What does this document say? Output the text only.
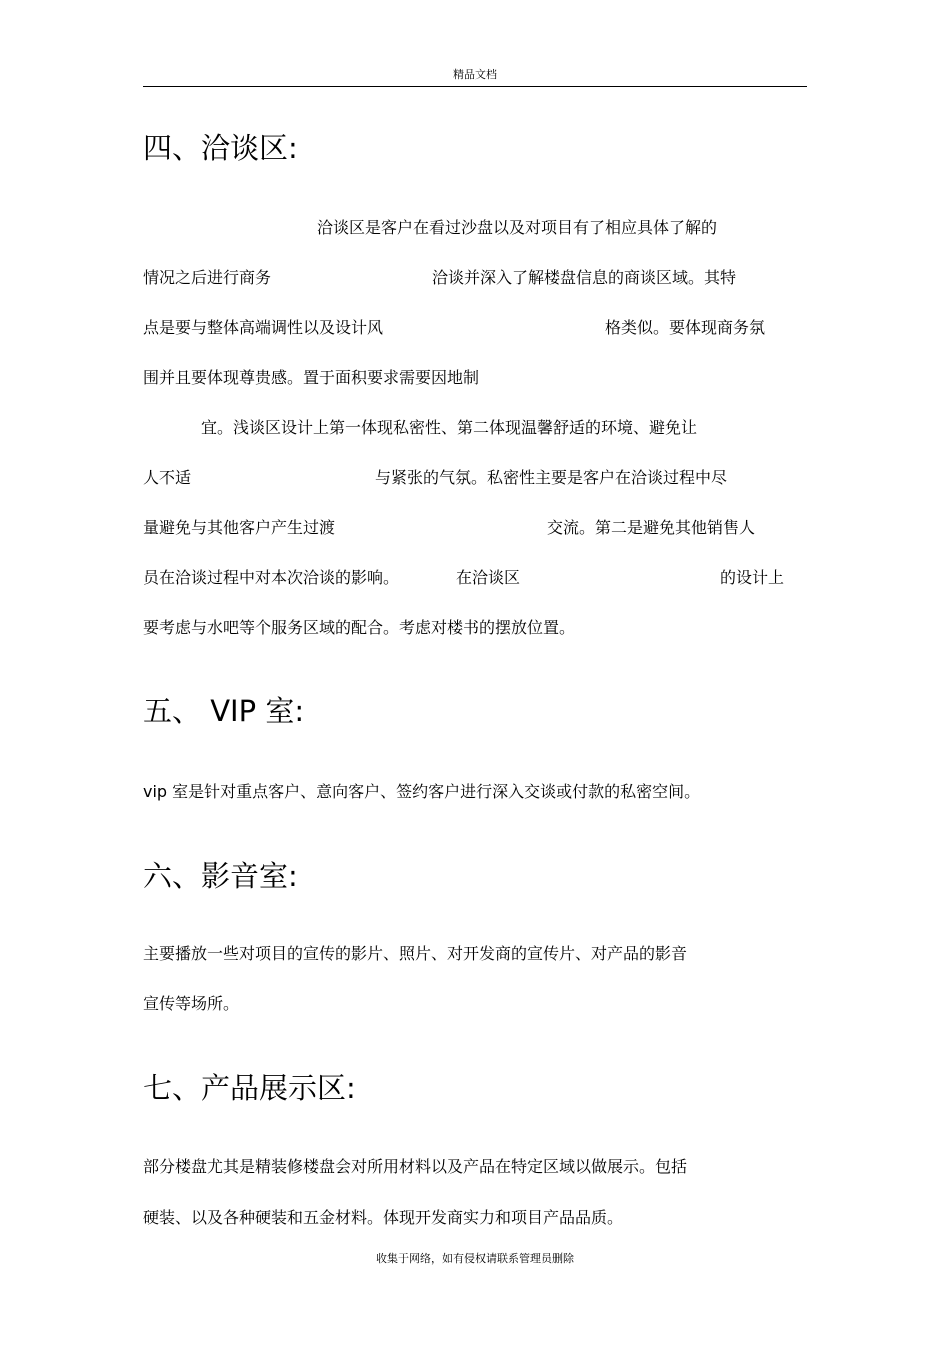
精品文档
四、洽谈区:
洽谈区是客户在看过沙盘以及对项目有了相应具体了解的
情况之后进行商务	洽谈并深入了解楼盘信息的商谈区域。其特
点是要与整体高端调性以及设计风	格类似。要体现商务氛
围并且要体现尊贵感。置于面积要求需要因地制
宜。浅谈区设计上第一体现私密性、第二体现温馨舒适的环境、避免让
人不适	与紧张的气氛。私密性主要是客户在洽谈过程中尽
量避免与其他客户产生过渡	交流。第二是避免其他销售人
员在洽谈过程中对本次洽谈的影响。	在洽谈区	的设计上
要考虑与水吧等个服务区域的配合。考虑对楼书的摆放位置。
五、 VIP 室:
vip 室是针对重点客户、意向客户、签约客户进行深入交谈或付款的私密空间。
六、影音室:
主要播放一些对项目的宣传的影片、照片、对开发商的宣传片、对产品的影音
宣传等场所。
七、产品展示区:
部分楼盘尤其是精装修楼盘会对所用材料以及产品在特定区域以做展示。包括
硬装、以及各种硬装和五金材料。体现开发商实力和项目产品品质。
收集于网络，如有侵权请联系管理员删除
